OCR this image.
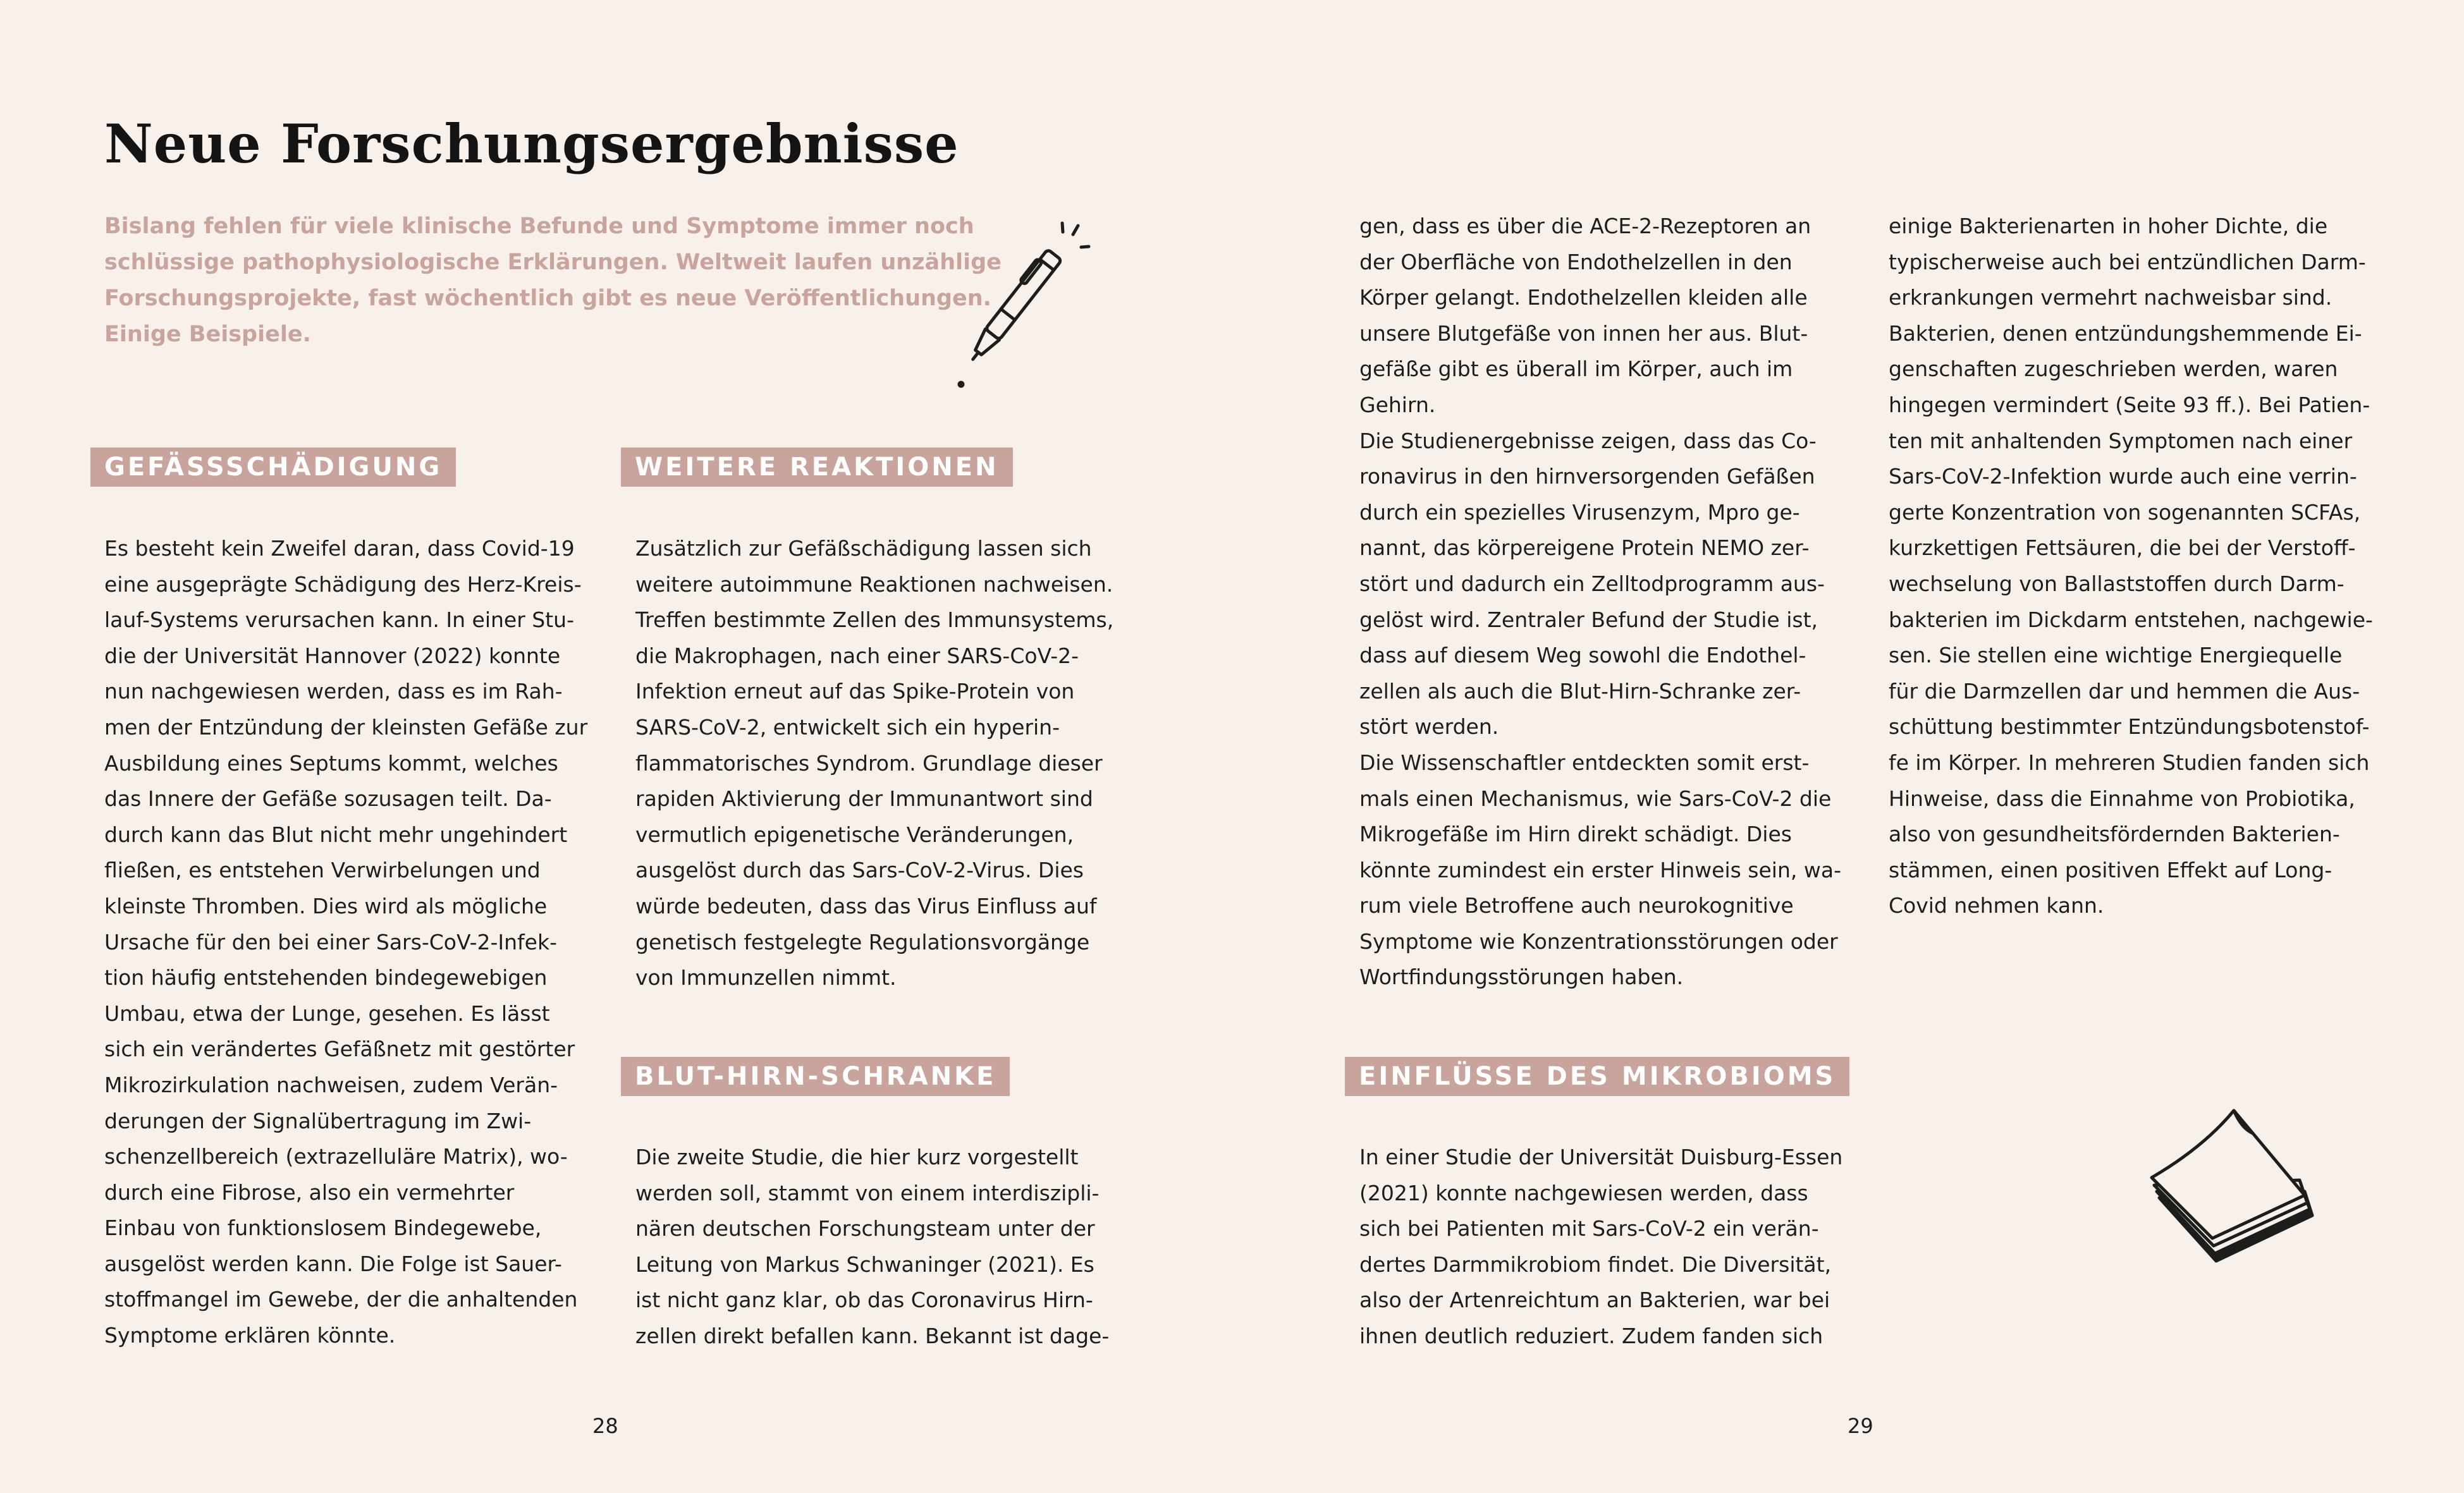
Neue Forschungsergebnisse
Bislang fehlen für viele klinische Befunde und Symptome immer noch
schlüssige pathophysiologische Erklärungen. Weltweit laufen unzählige
Forschungsprojekte, fast wöchentlich gibt es neue Veröffentlichungen.
Einige Beispiele.
GEFÄSSSCHÄDIGUNG
Es besteht kein Zweifel daran, dass Covid-19
eine ausgeprägte Schädigung des Herz-Kreis-
lauf-Systems verursachen kann. In einer Stu-
die der Universität Hannover (2022) konnte
nun nachgewiesen werden, dass es im Rah-
men der Entzündung der kleinsten Gefäße zur
Ausbildung eines Septums kommt, welches
das Innere der Gefäße sozusagen teilt. Da-
durch kann das Blut nicht mehr ungehindert
fließen, es entstehen Verwirbelungen und
kleinste Thromben. Dies wird als mögliche
Ursache für den bei einer Sars-CoV-2-Infek-
tion häufig entstehenden bindegewebigen
Umbau, etwa der Lunge, gesehen. Es lässt
sich ein verändertes Gefäßnetz mit gestörter
Mikrozirkulation nachweisen, zudem Verän-
derungen der Signalübertragung im Zwi-
schenzellbereich (extrazelluläre Matrix), wo-
durch eine Fibrose, also ein vermehrter
Einbau von funktionslosem Bindegewebe,
ausgelöst werden kann. Die Folge ist Sauer-
stoffmangel im Gewebe, der die anhaltenden
Symptome erklären könnte.
WEITERE REAKTIONEN
Zusätzlich zur Gefäßschädigung lassen sich
weitere autoimmune Reaktionen nachweisen.
Treffen bestimmte Zellen des Immunsystems,
die Makrophagen, nach einer SARS-CoV-2-
Infektion erneut auf das Spike-Protein von
SARS-CoV-2, entwickelt sich ein hyperin-
flammatorisches Syndrom. Grundlage dieser
rapiden Aktivierung der Immunantwort sind
vermutlich epigenetische Veränderungen,
ausgelöst durch das Sars-CoV-2-Virus. Dies
würde bedeuten, dass das Virus Einfluss auf
genetisch festgelegte Regulationsvorgänge
von Immunzellen nimmt.
BLUT-HIRN-SCHRANKE
Die zweite Studie, die hier kurz vorgestellt
werden soll, stammt von einem interdiszipli-
nären deutschen Forschungsteam unter der
Leitung von Markus Schwaninger (2021). Es
ist nicht ganz klar, ob das Coronavirus Hirn-
zellen direkt befallen kann. Bekannt ist dage-
28
gen, dass es über die ACE-2-Rezeptoren an
der Oberfläche von Endothelzellen in den
Körper gelangt. Endothelzellen kleiden alle
unsere Blutgefäße von innen her aus. Blut-
gefäße gibt es überall im Körper, auch im
Gehirn.
Die Studienergebnisse zeigen, dass das Co-
ronavirus in den hirnversorgenden Gefäßen
durch ein spezielles Virusenzym, Mpro ge-
nannt, das körpereigene Protein NEMO zer-
stört und dadurch ein Zelltodprogramm aus-
gelöst wird. Zentraler Befund der Studie ist,
dass auf diesem Weg sowohl die Endothel-
zellen als auch die Blut-Hirn-Schranke zer-
stört werden.
Die Wissenschaftler entdeckten somit erst-
mals einen Mechanismus, wie Sars-CoV-2 die
Mikrogefäße im Hirn direkt schädigt. Dies
könnte zumindest ein erster Hinweis sein, wa-
rum viele Betroffene auch neurokognitive
Symptome wie Konzentrationsstörungen oder
Wortfindungsstörungen haben.
EINFLÜSSE DES MIKROBIOMS
In einer Studie der Universität Duisburg-Essen
(2021) konnte nachgewiesen werden, dass
sich bei Patienten mit Sars-CoV-2 ein verän-
dertes Darmmikrobiom findet. Die Diversität,
also der Artenreichtum an Bakterien, war bei
ihnen deutlich reduziert. Zudem fanden sich
einige Bakterienarten in hoher Dichte, die
typischerweise auch bei entzündlichen Darm-
erkrankungen vermehrt nachweisbar sind.
Bakterien, denen entzündungshemmende Ei-
genschaften zugeschrieben werden, waren
hingegen vermindert (Seite 93 ff.). Bei Patien-
ten mit anhaltenden Symptomen nach einer
Sars-CoV-2-Infektion wurde auch eine verrin-
gerte Konzentration von sogenannten SCFAs,
kurzkettigen Fettsäuren, die bei der Verstoff-
wechselung von Ballaststoffen durch Darm-
bakterien im Dickdarm entstehen, nachgewie-
sen. Sie stellen eine wichtige Energiequelle
für die Darmzellen dar und hemmen die Aus-
schüttung bestimmter Entzündungsbotenstof-
fe im Körper. In mehreren Studien fanden sich
Hinweise, dass die Einnahme von Probiotika,
also von gesundheitsfördernden Bakterien-
stämmen, einen positiven Effekt auf Long-
Covid nehmen kann.
29
